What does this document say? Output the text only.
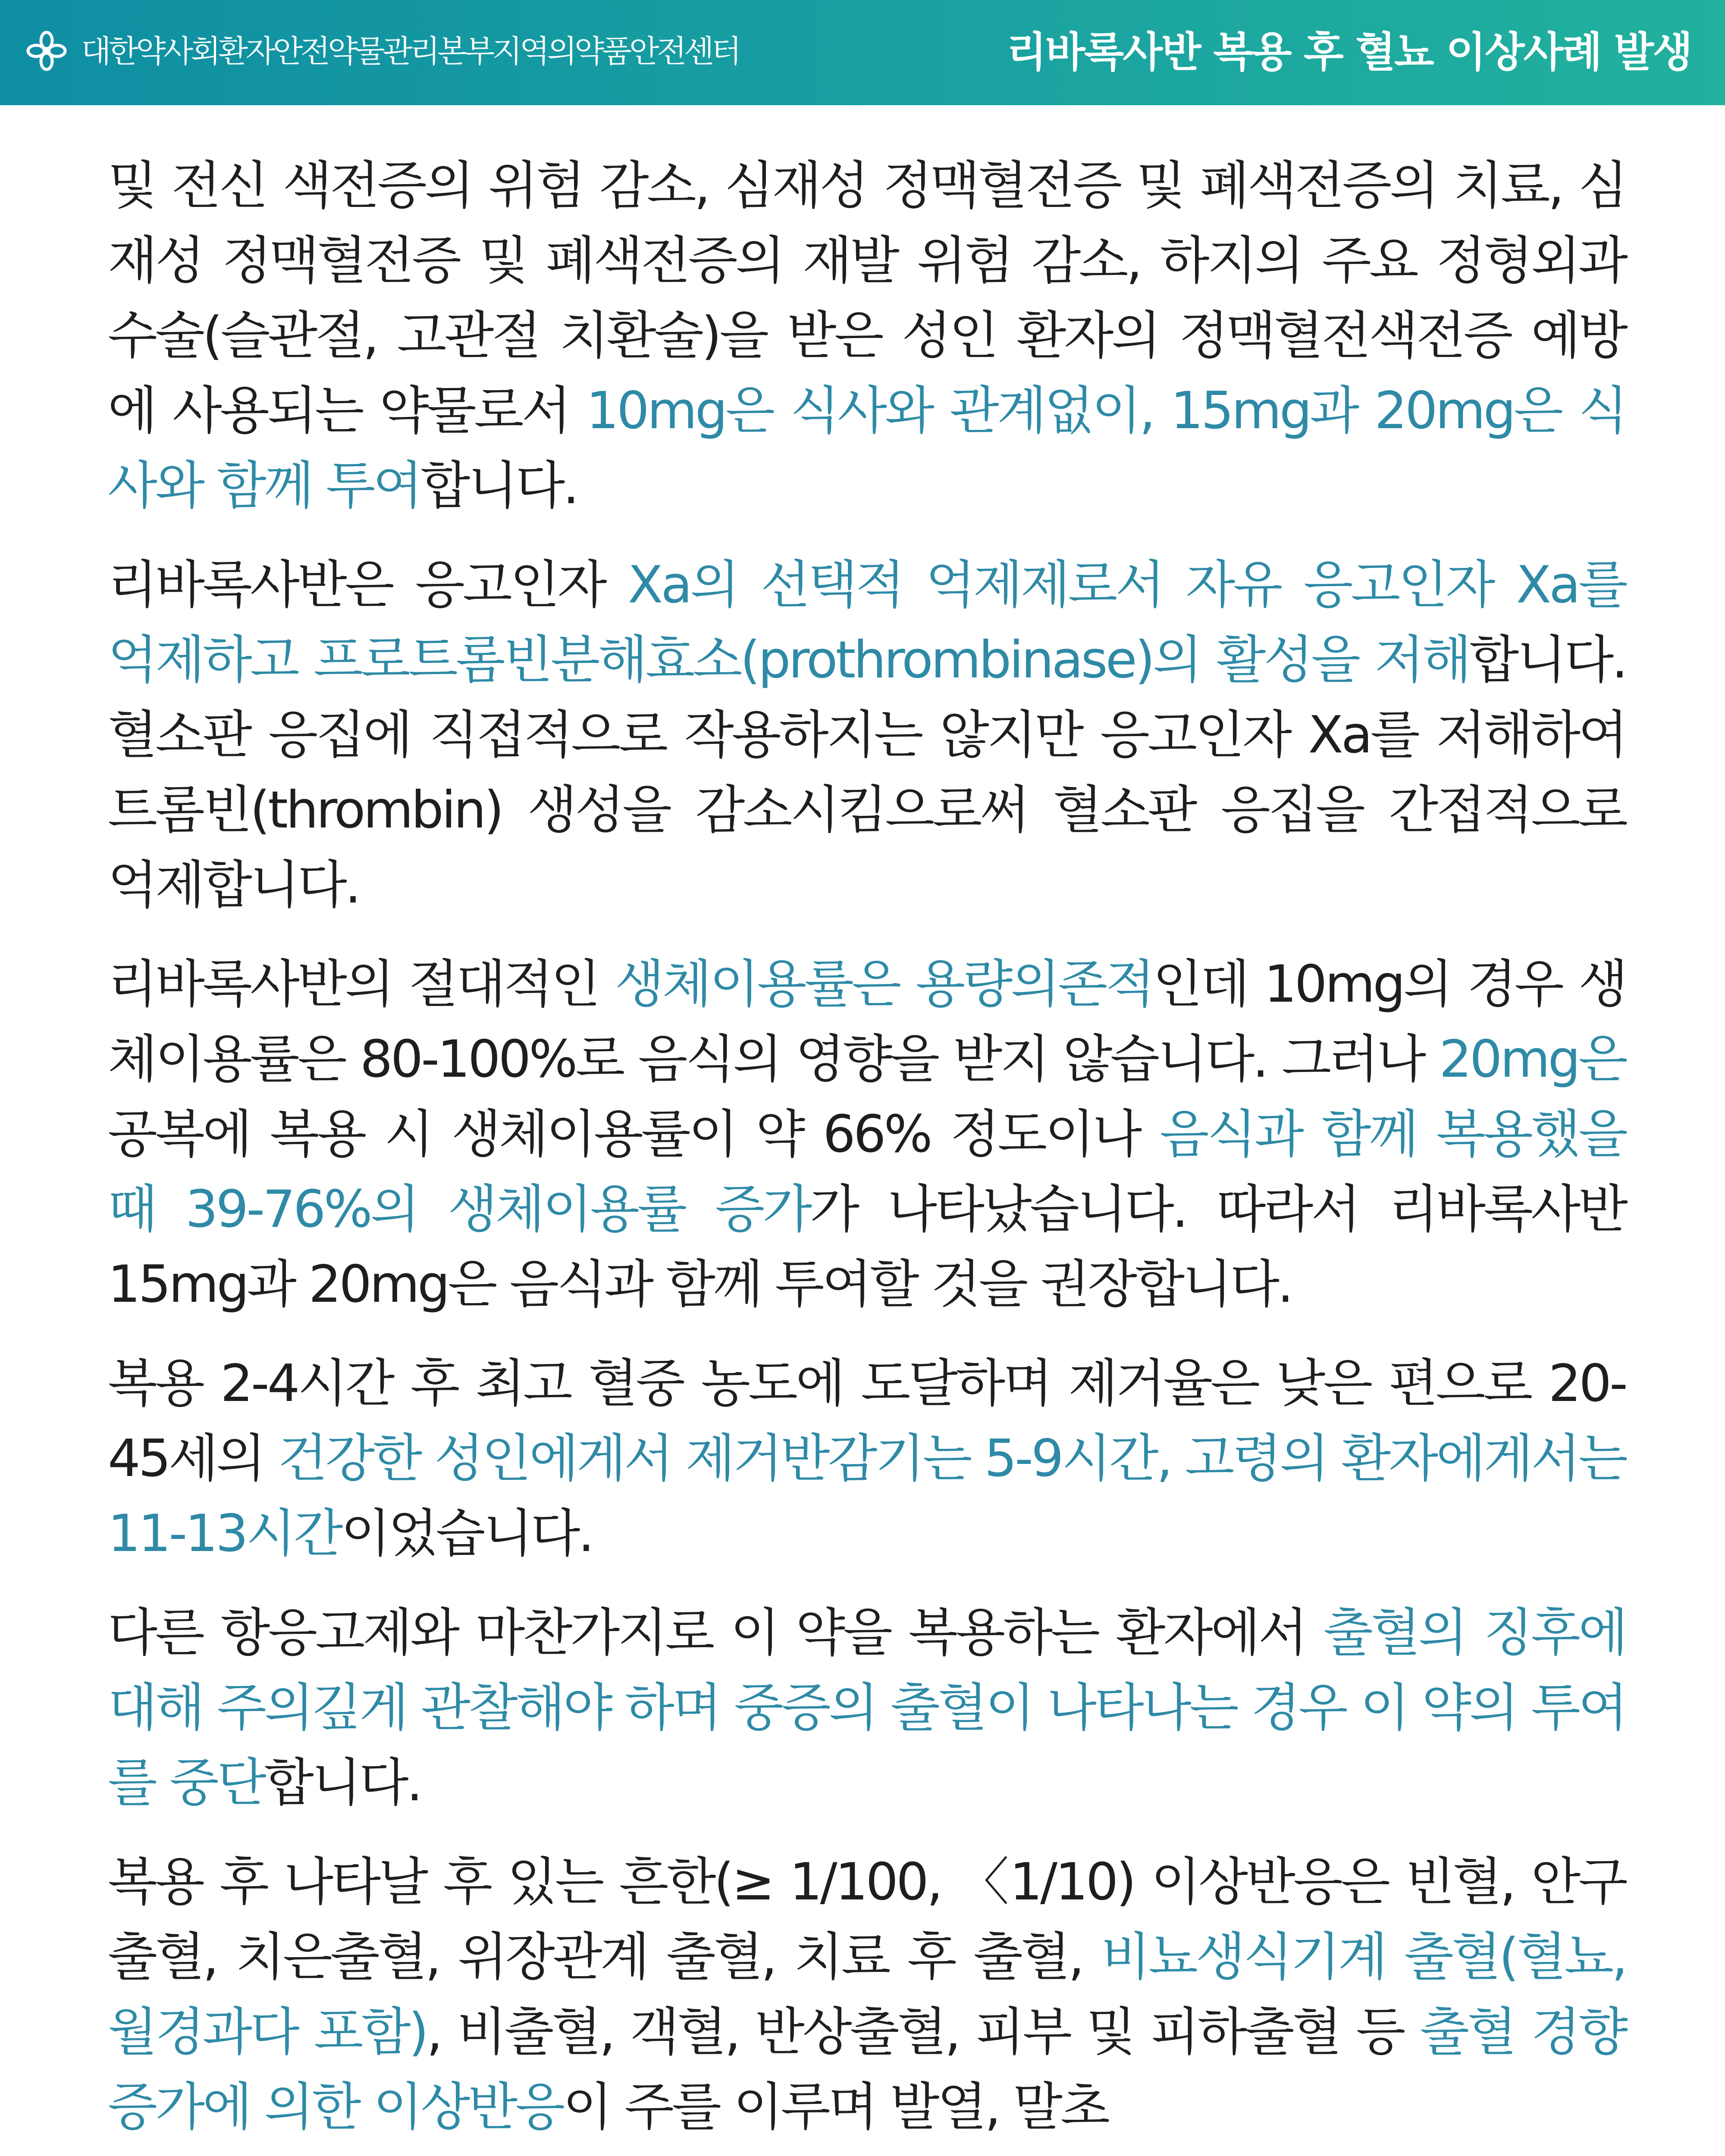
대한약사회환자안전약물관리본부지역의약품안전센터	리바록사반 복용 후 혈뇨 이상사례 발생

및 전신 색전증의 위험 감소, 심재성 정맥혈전증 및 폐색전증의 치료, 심재성 정맥혈전증 및 폐색전증의 재발 위험 감소, 하지의 주요 정형외과 수술(슬관절, 고관절 치환술)을 받은 성인 환자의 정맥혈전색전증 예방에 사용되는 약물로서 10mg은 식사와 관계없이, 15mg과 20mg은 식사와 함께 투여합니다.

리바록사반은 응고인자 Xa의 선택적 억제제로서 자유 응고인자 Xa를 억제하고 프로트롬빈분해효소(prothrombinase)의 활성을 저해합니다. 혈소판 응집에 직접적으로 작용하지는 않지만 응고인자 Xa를 저해하여 트롬빈(thrombin) 생성을 감소시킴으로써 혈소판 응집을 간접적으로 억제합니다.

리바록사반의 절대적인 생체이용률은 용량의존적인데 10mg의 경우 생체이용률은 80-100%로 음식의 영향을 받지 않습니다. 그러나 20mg은 공복에 복용 시 생체이용률이 약 66% 정도이나 음식과 함께 복용했을 때 39-76%의 생체이용률 증가가 나타났습니다. 따라서 리바록사반 15mg과 20mg은 음식과 함께 투여할 것을 권장합니다.

복용 2-4시간 후 최고 혈중 농도에 도달하며 제거율은 낮은 편으로 20-45세의 건강한 성인에게서 제거반감기는 5-9시간, 고령의 환자에게서는 11-13시간이었습니다.

다른 항응고제와 마찬가지로 이 약을 복용하는 환자에서 출혈의 징후에 대해 주의깊게 관찰해야 하며 중증의 출혈이 나타나는 경우 이 약의 투여를 중단합니다.

복용 후 나타날 후 있는 흔한(≥ 1/100, 〈1/10) 이상반응은 빈혈, 안구 출혈, 치은출혈, 위장관계 출혈, 치료 후 출혈, 비뇨생식기계 출혈(혈뇨, 월경과다 포함), 비출혈, 객혈, 반상출혈, 피부 및 피하출혈 등 출혈 경향 증가에 의한 이상반응이 주를 이루며 발열, 말초
